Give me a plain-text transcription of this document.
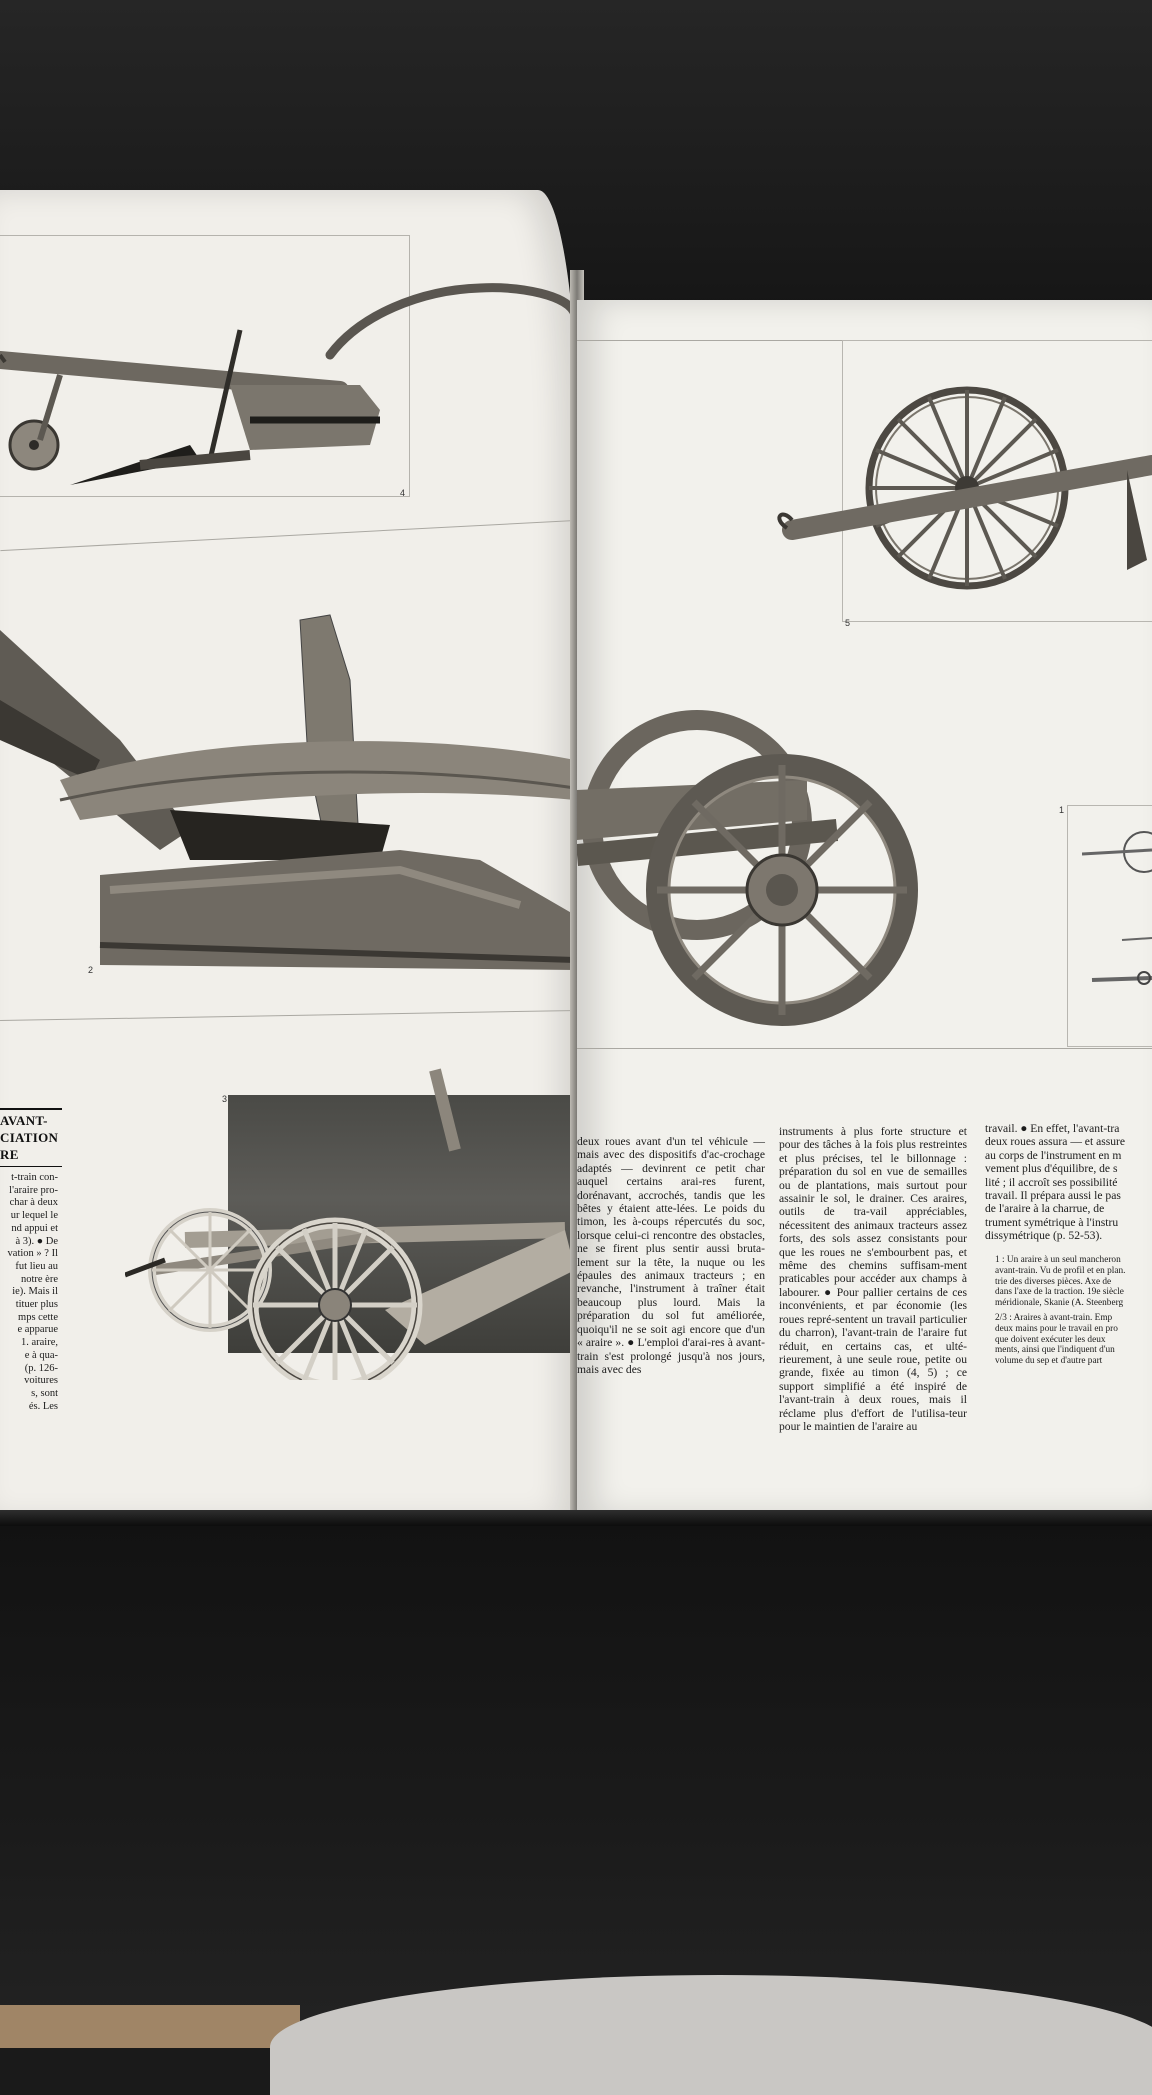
4
2
AVANT-
CIATION
RE
t-train con-
l'araire pro-
char à deux
ur lequel le
nd appui et
à 3). ● De
vation » ? Il
fut lieu au
notre ère
ie). Mais il
tituer plus
mps cette
e apparue
1. araire,
e à qua-
(p. 126-
voitures
s, sont
és. Les
3
5
1
deux roues avant d'un tel véhicule — mais avec des dispositifs d'ac-crochage adaptés — devinrent ce petit char auquel certains arai-res furent, dorénavant, accrochés, tandis que les bêtes y étaient atte-lées. Le poids du timon, les à-coups répercutés du soc, lorsque celui-ci rencontre des obstacles, ne se firent plus sentir aussi bruta-lement sur la tête, la nuque ou les épaules des animaux tracteurs ; en revanche, l'instrument à traîner était beaucoup plus lourd. Mais la préparation du sol fut améliorée, quoiqu'il ne se soit agi encore que d'un « araire ». ● L'emploi d'arai-res à avant-train s'est prolongé jusqu'à nos jours, mais avec des
instruments à plus forte structure et pour des tâches à la fois plus restreintes et plus précises, tel le billonnage : préparation du sol en vue de semailles ou de plantations, mais surtout pour assainir le sol, le drainer. Ces araires, outils de tra-vail appréciables, nécessitent des animaux tracteurs assez forts, des sols assez consistants pour que les roues ne s'embourbent pas, et même des chemins suffisam-ment praticables pour accéder aux champs à labourer. ● Pour pallier certains de ces inconvénients, et par économie (les roues repré-sentent un travail particulier du charron), l'avant-train de l'araire fut réduit, en certains cas, et ulté-rieurement, à une seule roue, petite ou grande, fixée au timon (4, 5) ; ce support simplifié a été inspiré de l'avant-train à deux roues, mais il réclame plus d'effort de l'utilisa-teur pour le maintien de l'araire au
travail. ● En effet, l'avant-tra
deux roues assura — et assure
au corps de l'instrument en m
vement plus d'équilibre, de s
lité ; il accroît ses possibilité
travail. Il prépara aussi le pas
de l'araire à la charrue, de
trument symétrique à l'instru
dissymétrique (p. 52-53).
1 : Un araire à un seul mancheron
avant-train. Vu de profil et en plan.
trie des diverses pièces. Axe de
dans l'axe de la traction. 19e siècle
méridionale, Skanie (A. Steenberg
2/3 : Araires à avant-train. Emp
deux mains pour le travail en pro
que doivent exécuter les deux
ments, ainsi que l'indiquent d'un
volume du sep et d'autre part
